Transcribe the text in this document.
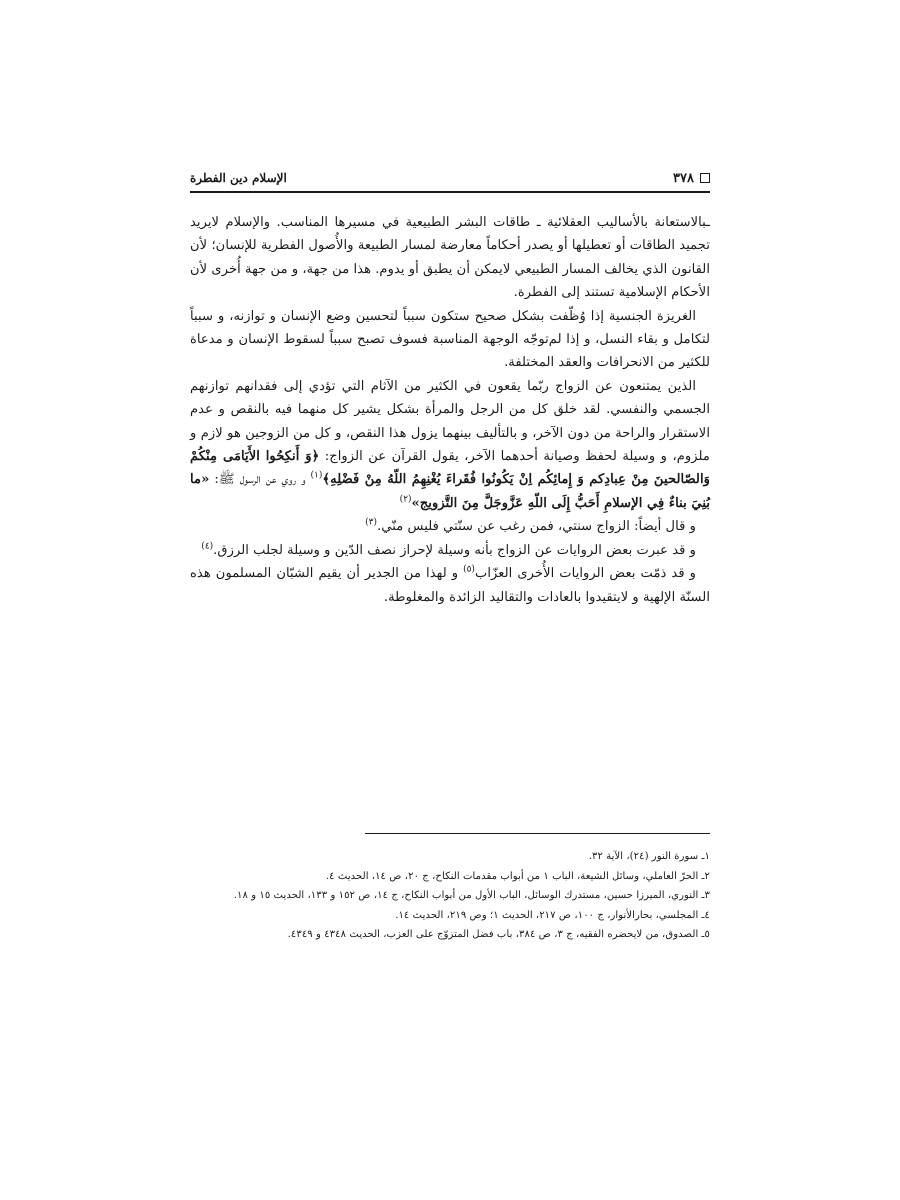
٣٧٨
الإسلام دين الفطرة

ـبالاستعانة بالأساليب العقلائية ـ طاقات البشر الطبيعية في مسيرها المناسب. والإسلام لايريد تجميد الطاقات أو تعطيلها أو يصدر أحكاماً معارضة لمسار الطبيعة والأُصول الفطرية للإنسان؛ لأن القانون الذي يخالف المسار الطبيعي لايمكن أن يطبق أو يدوم. هذا من جهة، و من جهة أُخرى لأن الأحكام الإسلامية تستند إلى الفطرة.

الغريزة الجنسية إذا وُظّفت بشكل صحيح ستكون سبباً لتحسين وضع الإنسان و توازنه، و سبباً لتكامل و بقاء النسل، و إذا لم‌توجّه الوجهة المناسبة فسوف تصبح سبباً لسقوط الإنسان و مدعاة للكثير من الانحرافات والعقد المختلفة.

الذين يمتنعون عن الزواج ربّما يقعون في الكثير من الآثام التي تؤدي إلى فقدانهم توازنهم الجسمي والنفسي. لقد خلق كل من الرجل والمرأة بشكل يشير كل منهما فيه بالنقص و عدم الاستقرار والراحة من دون الآخر، و بالتأليف بينهما يزول هذا النقص، و كل من الزوجين هو لازم و ملزوم، و وسيلة لحفظ وصيانة أحدهما الآخر، يقول القرآن عن الزواج: ﴿وَ أَنكِحُوا الأَيَامَى مِنْكُمْ وَالصّالحينَ مِنْ عِبادِكم وَ إِمائِكُم اِنْ يَكُونُوا فُقَراءَ يُغْنِهِمُ اللّهُ مِنْ فَضْلِهِ﴾$^{(١)}$ و روي عن الرسول ﷺ: «ما بُنِيَ بناءٌ فِي الإسلامِ أَحَبُّ إِلَى اللّهِ عَزَّوجَلَّ مِنَ التَّزويج»$^{(٢)}$

و قال أيضاً: الزواج سنتي، فمن رغب عن سنّتي فليس منّي.$^{(٣)}$

و قد عبرت بعض الروايات عن الزواج بأنه وسيلة لإحراز نصف الدّين و وسيلة لجلب الرزق.$^{(٤)}$

و قد ذمّت بعض الروايات الأُخرى العزّاب$^{(٥)}$ و لهذا من الجدير أن يقيم الشبّان المسلمون هذه السنّة الإلهية و لايتقيدوا بالعادات والتقاليد الزائدة والمغلوطة.

١ـ سورة النور (٢٤)، الآية ٣٢.

٢ـ الحرّ العاملي، وسائل الشيعة، الباب ١ من أبواب مقدمات النكاح، ج ٢٠، ص ١٤، الحديث ٤.

٣ـ النوري، الميرزا حسين، مستدرك الوسائل، الباب الأول من أبواب النكاح، ج ١٤، ص ١٥٢ و ١٣٣، الحديث ١٥ و ١٨.

٤ـ المجلسي، بحارالأنوار، ج ١٠٠، ص ٢١٧، الحديث ١؛ وص ٢١٩، الحديث ١٤.

٥ـ الصدوق، من لايحضره الفقيه، ج ٣، ص ٣٨٤، باب فضل المتزوّج على العزب، الحديث ٤٣٤٨ و ٤٣٤٩.
